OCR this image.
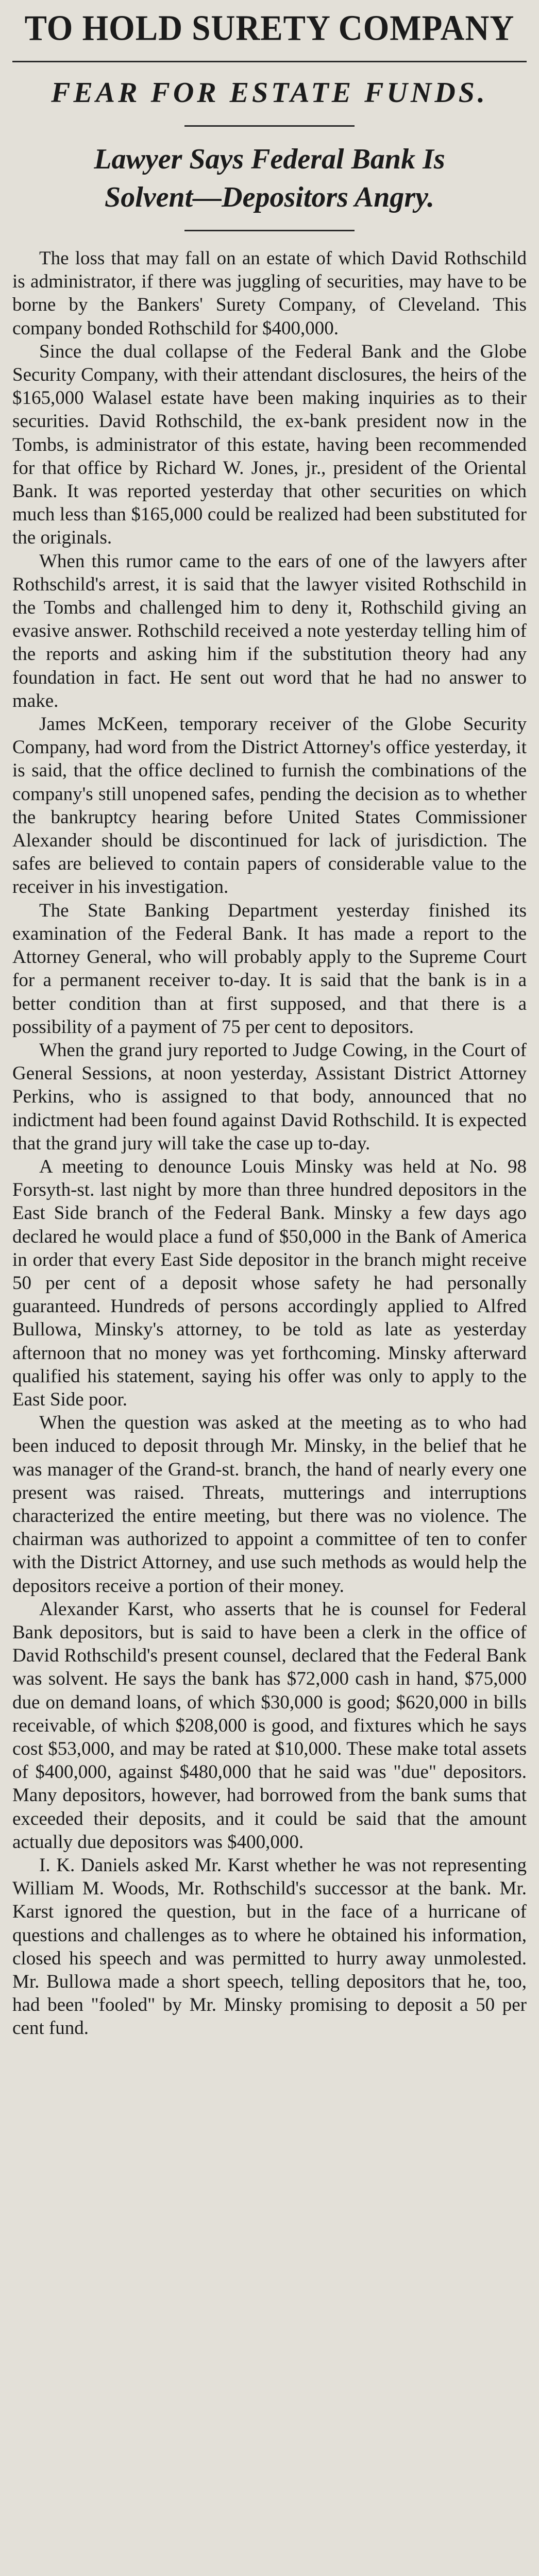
TO HOLD SURETY COMPANY
FEAR FOR ESTATE FUNDS.
Lawyer Says Federal Bank Is
Solvent—Depositors Angry.

The loss that may fall on an estate of which David Rothschild is administrator, if there was juggling of securities, may have to be borne by the Bankers' Surety Company, of Cleveland. This company bonded Rothschild for $400,000.

Since the dual collapse of the Federal Bank and the Globe Security Company, with their attendant disclosures, the heirs of the $165,000 Walasel estate have been making inquiries as to their securities. David Rothschild, the ex-bank president now in the Tombs, is administrator of this estate, having been recommended for that office by Richard W. Jones, jr., president of the Oriental Bank. It was reported yesterday that other securities on which much less than $165,000 could be realized had been substituted for the originals.

When this rumor came to the ears of one of the lawyers after Rothschild's arrest, it is said that the lawyer visited Rothschild in the Tombs and challenged him to deny it, Rothschild giving an evasive answer. Rothschild received a note yesterday telling him of the reports and asking him if the substitution theory had any foundation in fact. He sent out word that he had no answer to make.

James McKeen, temporary receiver of the Globe Security Company, had word from the District Attorney's office yesterday, it is said, that the office declined to furnish the combinations of the company's still unopened safes, pending the decision as to whether the bankruptcy hearing before United States Commissioner Alexander should be discontinued for lack of jurisdiction. The safes are believed to contain papers of considerable value to the receiver in his investigation.

The State Banking Department yesterday finished its examination of the Federal Bank. It has made a report to the Attorney General, who will probably apply to the Supreme Court for a permanent receiver to-day. It is said that the bank is in a better condition than at first supposed, and that there is a possibility of a payment of 75 per cent to depositors.

When the grand jury reported to Judge Cowing, in the Court of General Sessions, at noon yesterday, Assistant District Attorney Perkins, who is assigned to that body, announced that no indictment had been found against David Rothschild. It is expected that the grand jury will take the case up to-day.

A meeting to denounce Louis Minsky was held at No. 98 Forsyth-st. last night by more than three hundred depositors in the East Side branch of the Federal Bank. Minsky a few days ago declared he would place a fund of $50,000 in the Bank of America in order that every East Side depositor in the branch might receive 50 per cent of a deposit whose safety he had personally guaranteed. Hundreds of persons accordingly applied to Alfred Bullowa, Minsky's attorney, to be told as late as yesterday afternoon that no money was yet forthcoming. Minsky afterward qualified his statement, saying his offer was only to apply to the East Side poor.

When the question was asked at the meeting as to who had been induced to deposit through Mr. Minsky, in the belief that he was manager of the Grand-st. branch, the hand of nearly every one present was raised. Threats, mutterings and interruptions characterized the entire meeting, but there was no violence. The chairman was authorized to appoint a committee of ten to confer with the District Attorney, and use such methods as would help the depositors receive a portion of their money.

Alexander Karst, who asserts that he is counsel for Federal Bank depositors, but is said to have been a clerk in the office of David Rothschild's present counsel, declared that the Federal Bank was solvent. He says the bank has $72,000 cash in hand, $75,000 due on demand loans, of which $30,000 is good; $620,000 in bills receivable, of which $208,000 is good, and fixtures which he says cost $53,000, and may be rated at $10,000. These make total assets of $400,000, against $480,000 that he said was "due" depositors. Many depositors, however, had borrowed from the bank sums that exceeded their deposits, and it could be said that the amount actually due depositors was $400,000.

I. K. Daniels asked Mr. Karst whether he was not representing William M. Woods, Mr. Rothschild's successor at the bank. Mr. Karst ignored the question, but in the face of a hurricane of questions and challenges as to where he obtained his information, closed his speech and was permitted to hurry away unmolested. Mr. Bullowa made a short speech, telling depositors that he, too, had been "fooled" by Mr. Minsky promising to deposit a 50 per cent fund.
